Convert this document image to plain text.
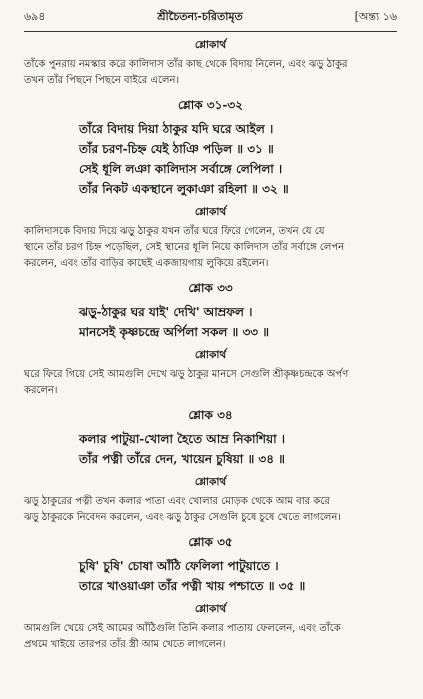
৬৯৪	শ্রীচৈতন্য-চরিতামৃত	[অন্ত্য ১৬
শ্লোকার্থ
তাঁকে পুনরায় নমস্কার করে কালিদাস তাঁর কাছ থেকে বিদায় নিলেন, এবং ঝড়ু ঠাকুর
তখন তাঁর পিছনে পিছনে বাইরে এলেন।
শ্লোক ৩১-৩২
তাঁরে বিদায় দিয়া ঠাকুর যদি ঘরে আইল ।
তাঁর চরণ-চিহ্ন যেই ঠাঞি পড়িল ॥ ৩১ ॥
সেই ধূলি লঞা কালিদাস সর্বাঙ্গে লেপিলা ।
তাঁর নিকট একস্থানে লুকাঞা রহিলা ॥ ৩২ ॥
শ্লোকার্থ
কালিদাসকে বিদায় দিয়ে ঝড়ু ঠাকুর যখন তাঁর ঘরে ফিরে গেলেন, তখন যে যে
স্থানে তাঁর চরণ চিহ্ন পড়েছিল, সেই স্থানের ধূলি নিয়ে কালিদাস তাঁর সর্বাঙ্গে লেপন
করলেন, এবং তাঁর বাড়ির কাছেই একজায়গায় লুকিয়ে রইলেন।
শ্লোক ৩৩
ঝড়ু-ঠাকুর ঘর যাই' দেখি' আম্রফল ।
মানসেই কৃষ্ণচন্দ্রে অর্পিলা সকল ॥ ৩৩ ॥
শ্লোকার্থ
ঘরে ফিরে গিয়ে সেই আমগুলি দেখে ঝড়ু ঠাকুর মানসে সেগুলি শ্রীকৃষ্ণচন্দ্রকে অর্পণ
করলেন।
শ্লোক ৩৪
কলার পাটুয়া-খোলা হৈতে আম্র নিকাশিয়া ।
তাঁর পত্নী তাঁরে দেন, খায়েন চুষিয়া ॥ ৩৪ ॥
শ্লোকার্থ
ঝড়ু ঠাকুরের পত্নী তখন কলার পাতা এবং খোলার মোড়ক থেকে আম বার করে
ঝড়ু ঠাকুরকে নিবেদন করলেন, এবং ঝড়ু ঠাকুর সেগুলি চুষে চুষে খেতে লাগলেন।
শ্লোক ৩৫
চুষি' চুষি' চোষা আঁঠি ফেলিলা পাটুয়াতে ।
তারে খাওয়াঞা তাঁর পত্নী খায় পশ্চাতে ॥ ৩৫ ॥
শ্লোকার্থ
আমগুলি খেয়ে সেই আমের আঁঠিগুলি তিনি কলার পাতায় ফেললেন, এবং তাঁকে
প্রথমে খাইয়ে তারপর তাঁর স্ত্রী আম খেতে লাগলেন।
